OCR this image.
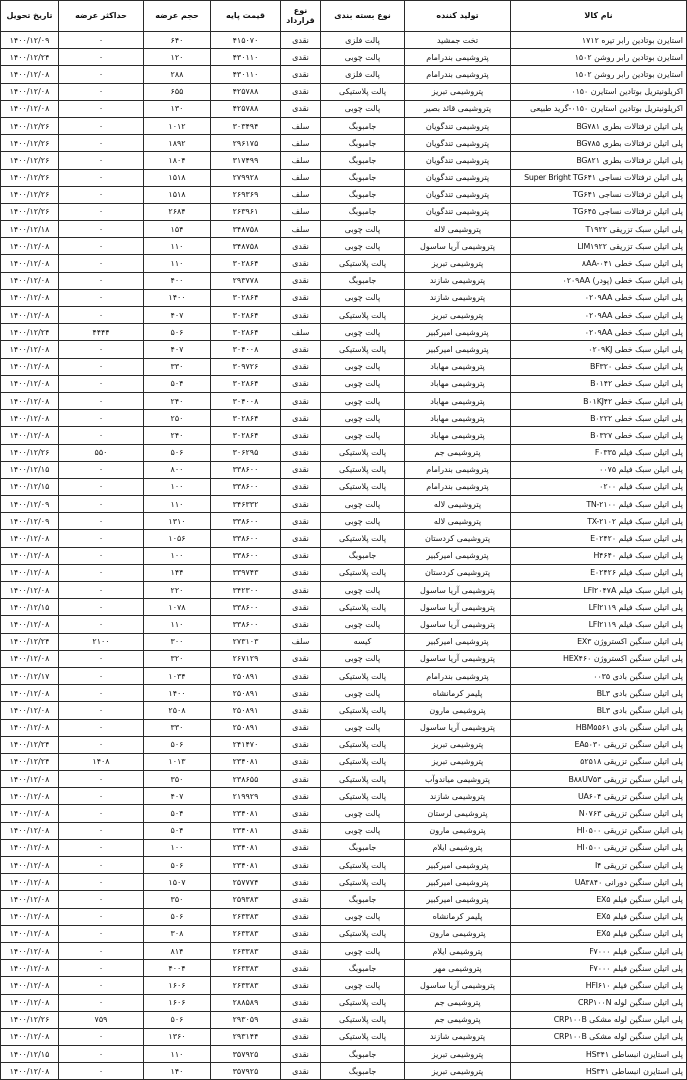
نام کالا	تولید کننده	نوع بسته بندی	نوع قرارداد	قیمت پایه	حجم عرضه	حداکثر عرضه	تاریخ تحویل
استایرن بوتادین رابر تیره ۱۷۱۲	تخت جمشید	پالت فلزی	نقدی	۴۱۵۰۷۰	۶۴۰	۰	۱۴۰۰/۱۲/۰۹
استایرن بوتادین رابر روشن ۱۵۰۲	پتروشیمی بندرامام	پالت چوبی	نقدی	۴۳۰۱۱۰	۱۲۰	۰	۱۴۰۰/۱۲/۲۴
استایرن بوتادین رابر روشن ۱۵۰۲	پتروشیمی بندرامام	پالت فلزی	نقدی	۴۳۰۱۱۰	۲۸۸	۰	۱۴۰۰/۱۲/۰۸
اکریلونیتریل بوتادین استایرن ۰۱۵۰	پتروشیمی تبریز	پالت پلاستیکی	نقدی	۴۲۵۷۸۸	۶۵۵	۰	۱۴۰۰/۱۲/۰۸
اکریلونیتریل بوتادین استایرن ۰۱۵۰-گرید طبیعی	پتروشیمی قائد بصیر	پالت چوبی	نقدی	۴۲۵۷۸۸	۱۳۰	۰	۱۴۰۰/۱۲/۰۸
پلی اتیلن ترفتالات بطری BG۷۸۱	پتروشیمی تندگویان	جامبوبگ	سلف	۳۰۳۴۹۴	۱۰۱۲	۰	۱۴۰۰/۱۲/۲۶
پلی اتیلن ترفتالات بطری BG۷۸۵	پتروشیمی تندگویان	جامبوبگ	سلف	۲۹۶۱۷۵	۱۸۹۲	۰	۱۴۰۰/۱۲/۲۶
پلی اتیلن ترفتالات بطری BG۸۲۱	پتروشیمی تندگویان	جامبوبگ	سلف	۳۱۷۴۹۹	۱۸۰۴	۰	۱۴۰۰/۱۲/۲۶
پلی اتیلن ترفتالات نساجی Super Bright TG۶۴۱	پتروشیمی تندگویان	جامبوبگ	سلف	۲۷۹۹۲۸	۱۵۱۸	۰	۱۴۰۰/۱۲/۲۶
پلی اتیلن ترفتالات نساجی TG۶۴۱	پتروشیمی تندگویان	جامبوبگ	سلف	۲۶۹۳۶۹	۱۵۱۸	۰	۱۴۰۰/۱۲/۲۶
پلی اتیلن ترفتالات نساجی TG۶۴۵	پتروشیمی تندگویان	جامبوبگ	سلف	۲۶۳۹۶۱	۲۶۸۴	۰	۱۴۰۰/۱۲/۲۶
پلی اتیلن سبک تزریقی T۱۹۲۲	پتروشیمی لاله	پالت چوبی	سلف	۳۴۸۷۵۸	۱۵۴	۰	۱۴۰۰/۱۲/۱۸
پلی اتیلن سبک تزریقی LIM۱۹۲۲	پتروشیمی آریا ساسول	پالت چوبی	نقدی	۳۴۸۷۵۸	۱۱۰	۰	۱۴۰۰/۱۲/۰۸
پلی اتیلن سبک خطی ۰۴۱-۸AA	پتروشیمی تبریز	پالت پلاستیکی	نقدی	۳۰۲۸۶۴	۱۱۰	۰	۱۴۰۰/۱۲/۰۸
پلی اتیلن سبک خطی (پودر) ۰۲۰۹AA	پتروشیمی شازند	جامبوبگ	نقدی	۲۹۳۷۷۸	۴۰۰	۰	۱۴۰۰/۱۲/۰۸
پلی اتیلن سبک خطی ۰۲۰۹AA	پتروشیمی شازند	پالت چوبی	نقدی	۳۰۲۸۶۴	۱۴۰۰	۰	۱۴۰۰/۱۲/۰۸
پلی اتیلن سبک خطی ۰۲۰۹AA	پتروشیمی تبریز	پالت پلاستیکی	نقدی	۳۰۲۸۶۴	۴۰۷	۰	۱۴۰۰/۱۲/۰۸
پلی اتیلن سبک خطی ۰۲۰۹AA	پتروشیمی امیرکبیر	پالت چوبی	سلف	۳۰۲۸۶۴	۵۰۶	۴۴۴۴	۱۴۰۰/۱۲/۲۴
پلی اتیلن سبک خطی ۰۲۰۹KJ	پتروشیمی امیرکبیر	پالت پلاستیکی	نقدی	۳۰۴۰۰۸	۴۰۷	۰	۱۴۰۰/۱۲/۰۸
پلی اتیلن سبک خطی BF۳۲۰	پتروشیمی مهاباد	پالت چوبی	نقدی	۳۰۹۷۲۶	۳۳۰	۰	۱۴۰۰/۱۲/۰۸
پلی اتیلن سبک خطی B۰۱۴۲	پتروشیمی مهاباد	پالت چوبی	نقدی	۳۰۲۸۶۴	۵۰۴	۰	۱۴۰۰/۱۲/۰۸
پلی اتیلن سبک خطی B۰۱KJ۴۲	پتروشیمی مهاباد	پالت چوبی	نقدی	۳۰۴۰۰۸	۲۴۰	۰	۱۴۰۰/۱۲/۰۸
پلی اتیلن سبک خطی B۰۲۲۲	پتروشیمی مهاباد	پالت چوبی	نقدی	۳۰۲۸۶۴	۲۵۰	۰	۱۴۰۰/۱۲/۰۸
پلی اتیلن سبک خطی B۰۳۲۷	پتروشیمی مهاباد	پالت چوبی	نقدی	۳۰۲۸۶۴	۲۴۰	۰	۱۴۰۰/۱۲/۰۸
پلی اتیلن سبک فیلم F۰۳۳۵	پتروشیمی جم	پالت پلاستیکی	نقدی	۳۰۶۲۹۵	۵۰۶	۵۵۰	۱۴۰۰/۱۲/۲۶
پلی اتیلن سبک فیلم ۰۰۷۵	پتروشیمی بندرامام	پالت پلاستیکی	نقدی	۳۳۸۶۰۰	۸۰۰	۰	۱۴۰۰/۱۲/۱۵
پلی اتیلن سبک فیلم ۰۲۰۰	پتروشیمی بندرامام	پالت پلاستیکی	نقدی	۳۳۸۶۰۰	۱۰۰	۰	۱۴۰۰/۱۲/۱۵
پلی اتیلن سبک فیلم TN-۲۱۰۰	پتروشیمی لاله	پالت چوبی	نقدی	۳۴۶۳۳۲	۱۱۰	۰	۱۴۰۰/۱۲/۰۹
پلی اتیلن سبک فیلم TX-۲۱۰۲	پتروشیمی لاله	پالت چوبی	نقدی	۳۳۸۶۰۰	۱۳۱۰	۰	۱۴۰۰/۱۲/۰۹
پلی اتیلن سبک فیلم E۰۲۴۲۰	پتروشیمی کردستان	پالت پلاستیکی	نقدی	۳۳۸۶۰۰	۱۰۵۶	۰	۱۴۰۰/۱۲/۰۸
پلی اتیلن سبک فیلم H۴۶۴۰	پتروشیمی امیرکبیر	جامبوبگ	نقدی	۳۳۸۶۰۰	۱۰۰	۰	۱۴۰۰/۱۲/۰۸
پلی اتیلن سبک فیلم E۰۲۴۲۶	پتروشیمی کردستان	پالت پلاستیکی	نقدی	۳۳۹۷۴۳	۱۴۴	۰	۱۴۰۰/۱۲/۰۸
پلی اتیلن سبک فیلم LFI۲۰۴۷A	پتروشیمی آریا ساسول	پالت چوبی	نقدی	۳۴۲۳۰۰	۲۲۰	۰	۱۴۰۰/۱۲/۰۸
پلی اتیلن سبک فیلم LFI۲۱۱۹	پتروشیمی آریا ساسول	پالت پلاستیکی	نقدی	۳۳۸۶۰۰	۱۰۷۸	۰	۱۴۰۰/۱۲/۱۵
پلی اتیلن سبک فیلم LFI۲۱۱۹	پتروشیمی آریا ساسول	پالت چوبی	نقدی	۳۳۸۶۰۰	۱۱۰	۰	۱۴۰۰/۱۲/۰۸
پلی اتیلن سنگین اکستروژن EX۳	پتروشیمی امیرکبیر	کیسه	سلف	۲۷۳۱۰۳	۳۰۰	۲۱۰۰	۱۴۰۰/۱۲/۲۴
پلی اتیلن سنگین اکستروژن HEX۴۶۰	پتروشیمی آریا ساسول	پالت چوبی	نقدی	۲۶۷۱۲۹	۳۲۰	۰	۱۴۰۰/۱۲/۰۸
پلی اتیلن سنگین بادی ۰۰۳۵	پتروشیمی بندرامام	پالت پلاستیکی	نقدی	۲۵۰۸۹۱	۱۰۳۴	۰	۱۴۰۰/۱۲/۱۷
پلی اتیلن سنگین بادی BL۳	پلیمر کرمانشاه	پالت چوبی	نقدی	۲۵۰۸۹۱	۱۴۰۰	۰	۱۴۰۰/۱۲/۰۸
پلی اتیلن سنگین بادی BL۳	پتروشیمی مارون	پالت پلاستیکی	نقدی	۲۵۰۸۹۱	۲۵۰۸	۰	۱۴۰۰/۱۲/۰۸
پلی اتیلن سنگین بادی HBM۵۵۶۱	پتروشیمی آریا ساسول	پالت چوبی	نقدی	۲۵۰۸۹۱	۳۳۰	۰	۱۴۰۰/۱۲/۰۸
پلی اتیلن سنگین تزریقی EA۵۰۳۰	پتروشیمی تبریز	پالت پلاستیکی	نقدی	۲۴۱۴۷۰	۵۰۶	۰	۱۴۰۰/۱۲/۲۴
پلی اتیلن سنگین تزریقی ۵۲۵۱۸	پتروشیمی تبریز	پالت پلاستیکی	نقدی	۲۳۴۰۸۱	۱۰۱۳	۱۴۰۸	۱۴۰۰/۱۲/۲۴
پلی اتیلن سنگین تزریقی B۸۸UV۵۳	پتروشیمی میاندوآب	پالت پلاستیکی	نقدی	۲۳۸۶۵۵	۳۵۰	۰	۱۴۰۰/۱۲/۰۸
پلی اتیلن سنگین تزریقی UA۶۰۴	پتروشیمی شازند	پالت پلاستیکی	نقدی	۲۱۹۹۲۹	۴۰۷	۰	۱۴۰۰/۱۲/۰۸
پلی اتیلن سنگین تزریقی N۰۷۶۳	پتروشیمی لرستان	پالت چوبی	نقدی	۲۳۴۰۸۱	۵۰۴	۰	۱۴۰۰/۱۲/۰۸
پلی اتیلن سنگین تزریقی HI۰۵۰۰	پتروشیمی مارون	پالت چوبی	نقدی	۲۳۴۰۸۱	۵۰۴	۰	۱۴۰۰/۱۲/۰۸
پلی اتیلن سنگین تزریقی HI۰۵۰۰	پتروشیمی ایلام	جامبوبگ	نقدی	۲۳۴۰۸۱	۱۰۰	۰	۱۴۰۰/۱۲/۰۸
پلی اتیلن سنگین تزریقی I۴	پتروشیمی امیرکبیر	پالت پلاستیکی	نقدی	۲۳۴۰۸۱	۵۰۶	۰	۱۴۰۰/۱۲/۰۸
پلی اتیلن سنگین دورانی UA۳۸۴۰	پتروشیمی امیرکبیر	پالت پلاستیکی	نقدی	۲۵۷۷۷۴	۱۵۰۷	۰	۱۴۰۰/۱۲/۰۸
پلی اتیلن سنگین فیلم EX۵	پتروشیمی امیرکبیر	جامبوبگ	نقدی	۲۵۹۳۸۳	۳۵۰	۰	۱۴۰۰/۱۲/۰۸
پلی اتیلن سنگین فیلم EX۵	پلیمر کرمانشاه	پالت چوبی	نقدی	۲۶۳۳۸۳	۵۰۶	۰	۱۴۰۰/۱۲/۰۸
پلی اتیلن سنگین فیلم EX۵	پتروشیمی مارون	پالت پلاستیکی	نقدی	۲۶۳۳۸۳	۳۰۸	۰	۱۴۰۰/۱۲/۰۸
پلی اتیلن سنگین فیلم F۷۰۰۰	پتروشیمی ایلام	پالت چوبی	نقدی	۲۶۳۳۸۳	۸۱۴	۰	۱۴۰۰/۱۲/۰۸
پلی اتیلن سنگین فیلم F۷۰۰۰	پتروشیمی مهر	جامبوبگ	نقدی	۲۶۳۳۸۳	۴۰۰۴	۰	۱۴۰۰/۱۲/۰۸
پلی اتیلن سنگین فیلم HFI۶۱۰	پتروشیمی آریا ساسول	پالت چوبی	نقدی	۲۶۳۳۸۳	۱۶۰۶	۰	۱۴۰۰/۱۲/۰۸
پلی اتیلن سنگین لوله CRP۱۰۰N	پتروشیمی جم	پالت پلاستیکی	نقدی	۲۸۸۵۸۹	۱۶۰۶	۰	۱۴۰۰/۱۲/۰۸
پلی اتیلن سنگین لوله مشکی CRP۱۰۰B	پتروشیمی جم	پالت پلاستیکی	نقدی	۲۹۳۰۵۹	۵۰۶	۷۵۹	۱۴۰۰/۱۲/۲۶
پلی اتیلن سنگین لوله مشکی CRP۱۰۰B	پتروشیمی شازند	پالت پلاستیکی	نقدی	۲۹۳۱۴۴	۱۳۶۰	۰	۱۴۰۰/۱۲/۰۸
پلی استایرن انبساطی HS۳۴۱	پتروشیمی تبریز	جامبوبگ	نقدی	۳۵۷۹۲۵	۱۱۰	۰	۱۴۰۰/۱۲/۱۵
پلی استایرن انبساطی HS۳۴۱	پتروشیمی تبریز	جامبوبگ	نقدی	۳۵۷۹۲۵	۱۴۰	۰	۱۴۰۰/۱۲/۰۸
